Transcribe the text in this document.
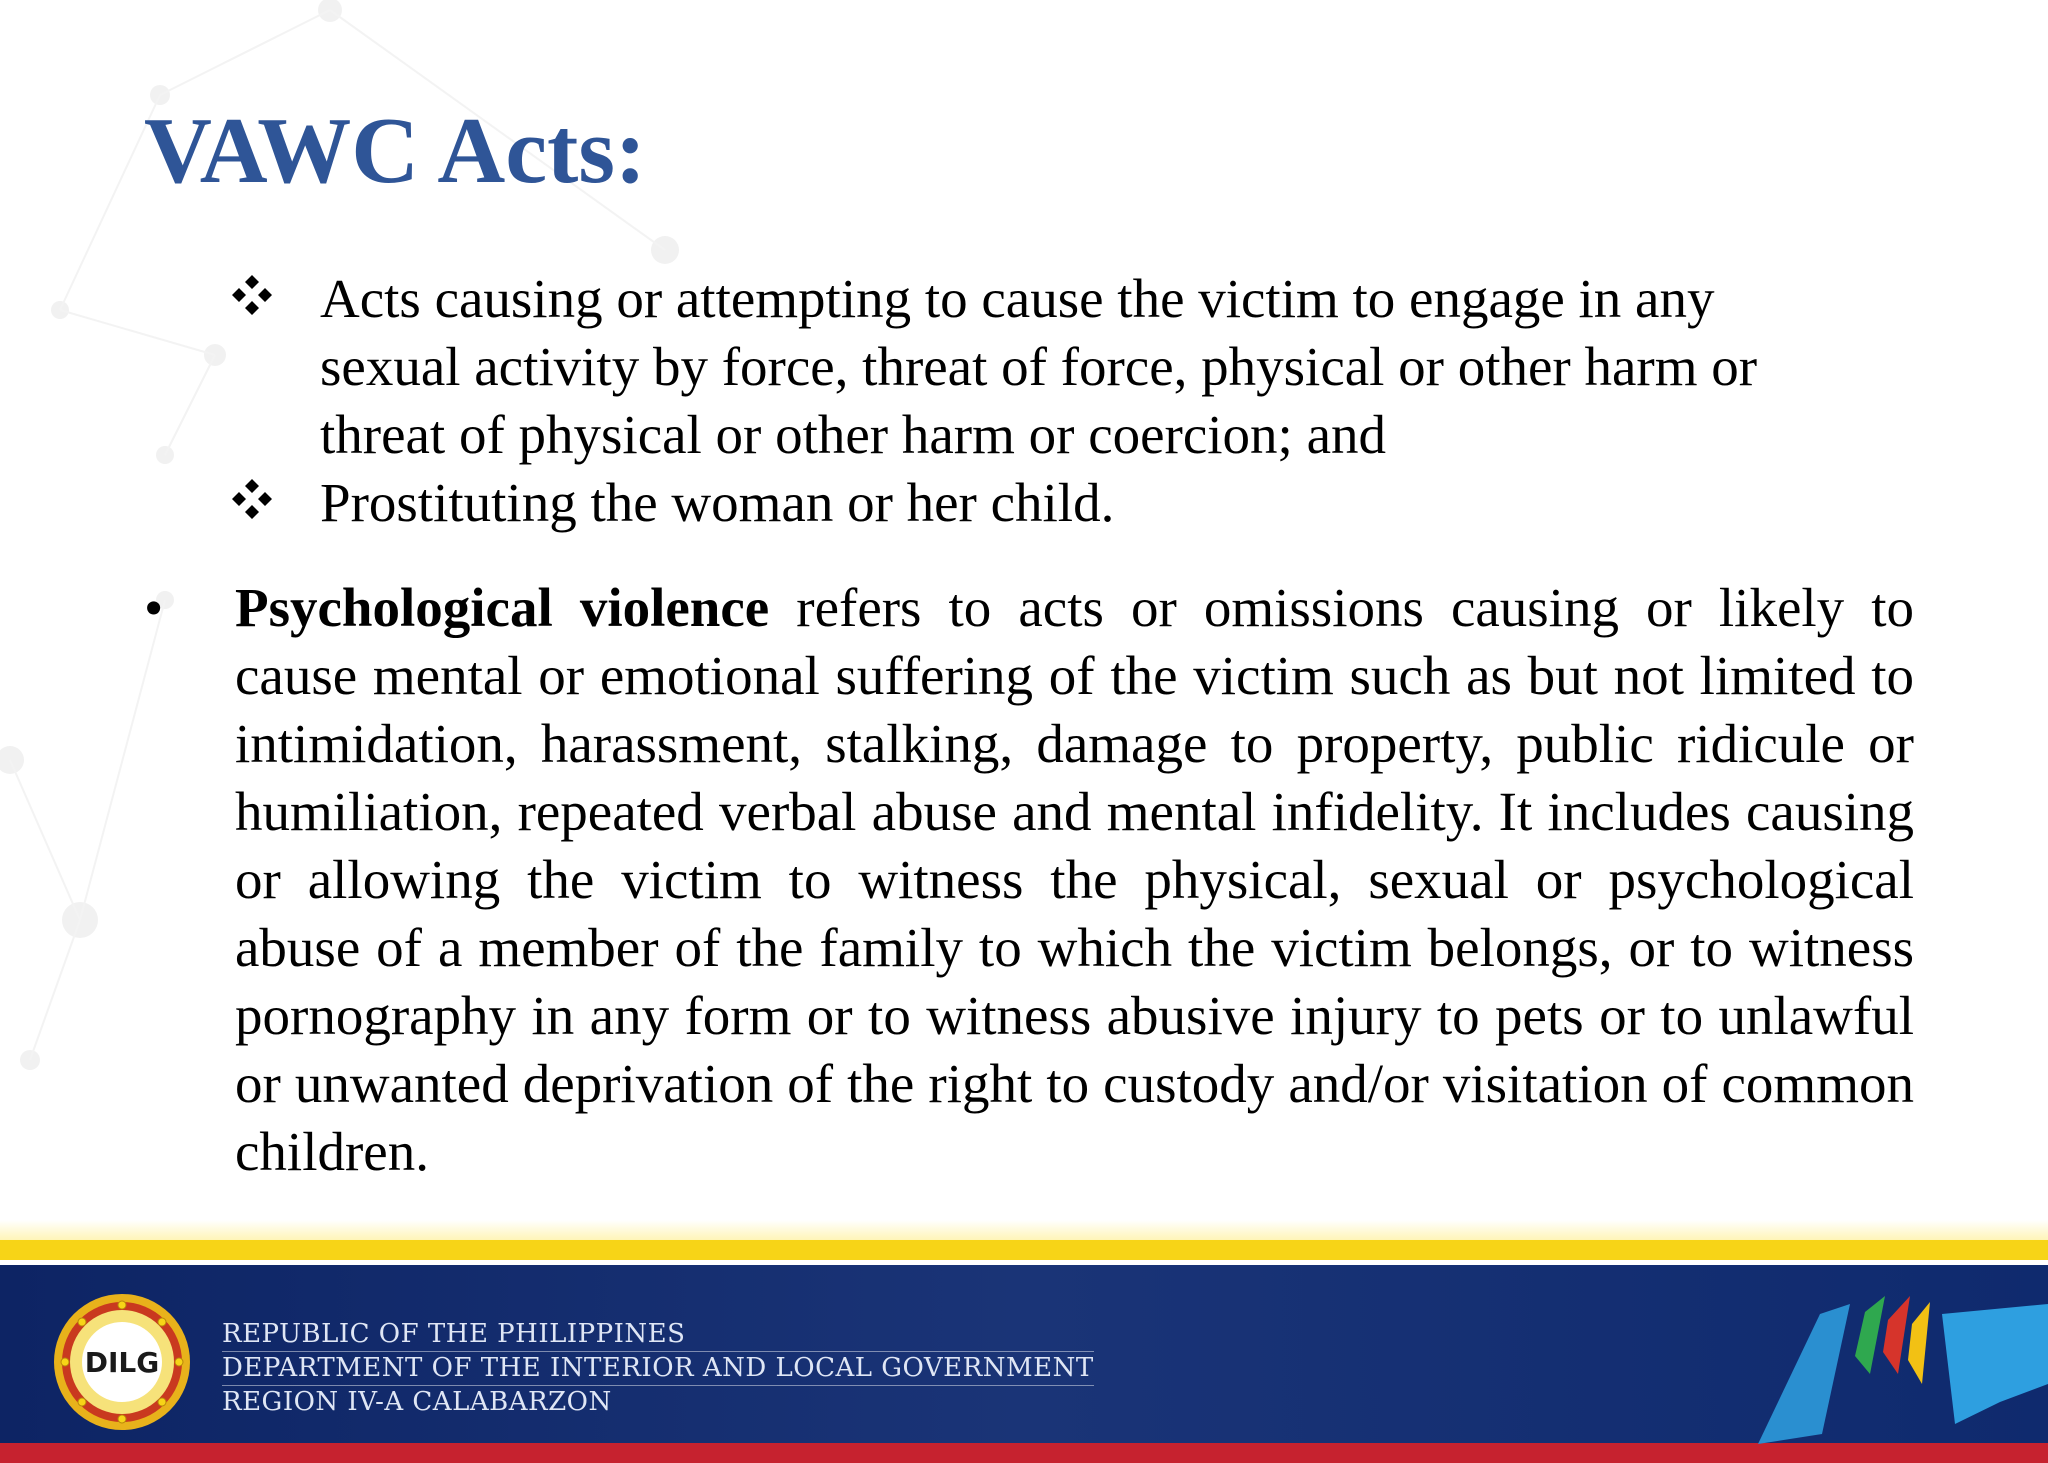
VAWC Acts:
Acts causing or attempting to cause the victim to engage in any
sexual activity by force, threat of force, physical or other harm or
threat of physical or other harm or coercion; and
Prostituting the woman or her child.
• Psychological violence refers to acts or omissions causing or likely to cause mental or emotional suffering of the victim such as but not limited to intimidation, harassment, stalking, damage to property, public ridicule or humiliation, repeated verbal abuse and mental infidelity. It includes causing or allowing the victim to witness the physical, sexual or psychological abuse of a member of the family to which the victim belongs, or to witness pornography in any form or to witness abusive injury to pets or to unlawful or unwanted deprivation of the right to custody and/or visitation of common children.
DILG
REPUBLIC OF THE PHILIPPINES
DEPARTMENT OF THE INTERIOR AND LOCAL GOVERNMENT
REGION IV-A CALABARZON
